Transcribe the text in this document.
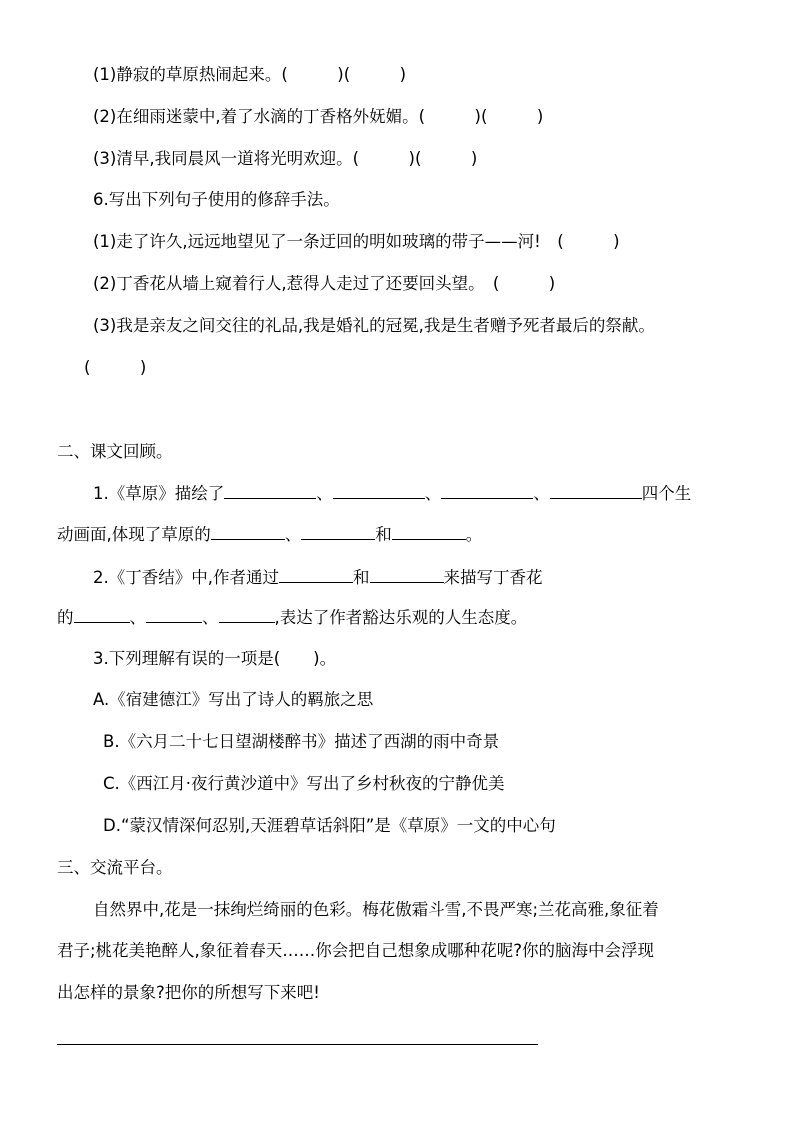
(1)静寂的草原热闹起来。(　　　)(　　　)
(2)在细雨迷蒙中,着了水滴的丁香格外妩媚。(　　　)(　　　)
(3)清早,我同晨风一道将光明欢迎。(　　　)(　　　)
6.写出下列句子使用的修辞手法。
(1)走了许久,远远地望见了一条迂回的明如玻璃的带子——河!　(　　　)
(2)丁香花从墙上窥着行人,惹得人走过了还要回头望。　(　　　)
(3)我是亲友之间交往的礼品,我是婚礼的冠冕,我是生者赠予死者最后的祭献。
(　　　)
二、课文回顾。
1.《草原》描绘了	、	、	、	四个生
动画面,体现了草原的	、	和	。
2.《丁香结》中,作者通过	和	来描写丁香花
的	、	、	,表达了作者豁达乐观的人生态度。
3.下列理解有误的一项是(　　)。
A.《宿建德江》写出了诗人的羁旅之思
B.《六月二十七日望湖楼醉书》描述了西湖的雨中奇景
C.《西江月·夜行黄沙道中》写出了乡村秋夜的宁静优美
D.“蒙汉情深何忍别,天涯碧草话斜阳”是《草原》一文的中心句
三、交流平台。
自然界中,花是一抹绚烂绮丽的色彩。梅花傲霜斗雪,不畏严寒;兰花高雅,象征着
君子;桃花美艳醉人,象征着春天……你会把自己想象成哪种花呢?你的脑海中会浮现
出怎样的景象?把你的所想写下来吧!
